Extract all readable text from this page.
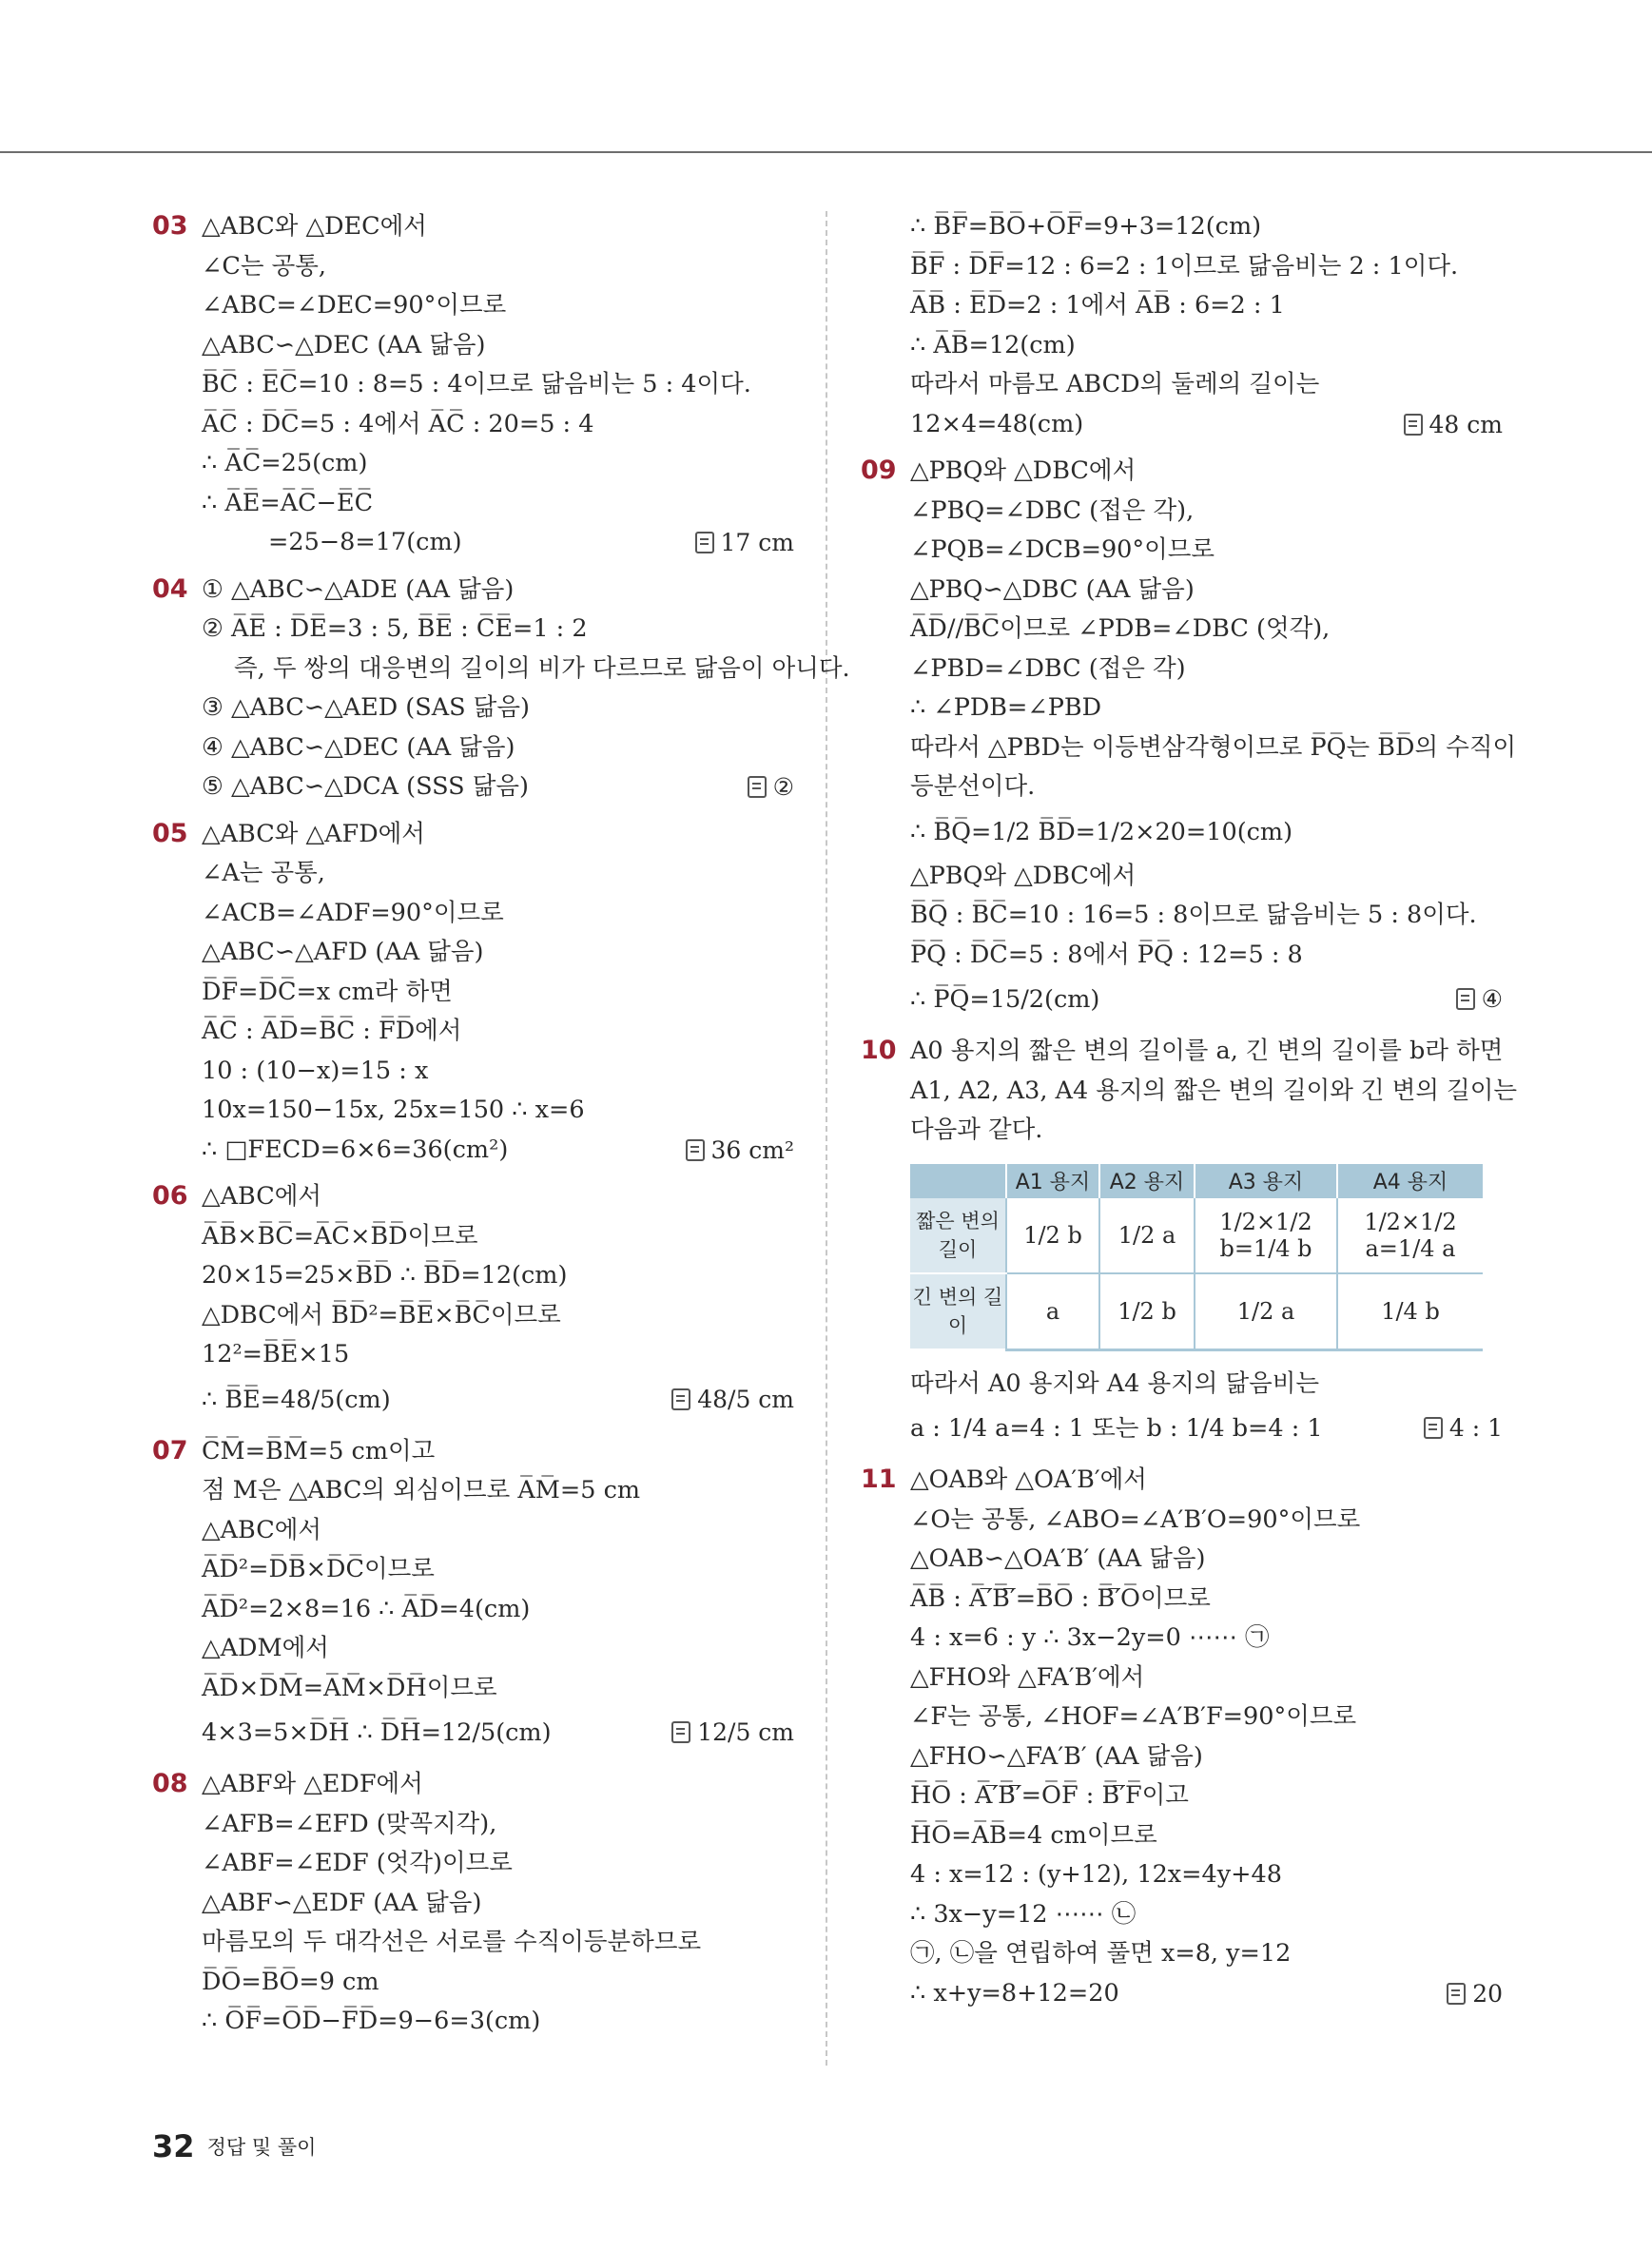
03 △ABC와 △DEC에서
∠C는 공통,
∠ABC=∠DEC=90°이므로
△ABC∽△DEC (AA 닮음)
B̅C̅ : E̅C̅=10 : 8=5 : 4이므로 닮음비는 5 : 4이다.
A̅C̅ : D̅C̅=5 : 4에서 A̅C̅ : 20=5 : 4
∴ A̅C̅=25(cm)
∴ A̅E̅=A̅C̅−E̅C̅
=25−8=17(cm)	17 cm
04 ① △ABC∽△ADE (AA 닮음)
② A̅E̅ : D̅E̅=3 : 5, B̅E̅ : C̅E̅=1 : 2
즉, 두 쌍의 대응변의 길이의 비가 다르므로 닮음이 아니다.
③ △ABC∽△AED (SAS 닮음)
④ △ABC∽△DEC (AA 닮음)
⑤ △ABC∽△DCA (SSS 닮음)	②
05 △ABC와 △AFD에서
∠A는 공통,
∠ACB=∠ADF=90°이므로
△ABC∽△AFD (AA 닮음)
D̅F̅=D̅C̅=x cm라 하면
A̅C̅ : A̅D̅=B̅C̅ : F̅D̅에서
10 : (10−x)=15 : x
10x=150−15x, 25x=150 ∴ x=6
∴ □FECD=6×6=36(cm²)	36 cm²
06 △ABC에서
A̅B̅×B̅C̅=A̅C̅×B̅D̅이므로
20×15=25×B̅D̅ ∴ B̅D̅=12(cm)
△DBC에서 B̅D̅²=B̅E̅×B̅C̅이므로
12²=B̅E̅×15
∴ B̅E̅=48/5(cm)	48/5 cm
07 C̅M̅=B̅M̅=5 cm이고
점 M은 △ABC의 외심이므로 A̅M̅=5 cm
△ABC에서
A̅D̅²=D̅B̅×D̅C̅이므로
A̅D̅²=2×8=16 ∴ A̅D̅=4(cm)
△ADM에서
A̅D̅×D̅M̅=A̅M̅×D̅H̅이므로
4×3=5×D̅H̅ ∴ D̅H̅=12/5(cm)	12/5 cm
08 △ABF와 △EDF에서
∠AFB=∠EFD (맞꼭지각),
∠ABF=∠EDF (엇각)이므로
△ABF∽△EDF (AA 닮음)
마름모의 두 대각선은 서로를 수직이등분하므로
D̅O̅=B̅O̅=9 cm
∴ O̅F̅=O̅D̅−F̅D̅=9−6=3(cm)
∴ B̅F̅=B̅O̅+O̅F̅=9+3=12(cm)
B̅F̅ : D̅F̅=12 : 6=2 : 1이므로 닮음비는 2 : 1이다.
A̅B̅ : E̅D̅=2 : 1에서 A̅B̅ : 6=2 : 1
∴ A̅B̅=12(cm)
따라서 마름모 ABCD의 둘레의 길이는
12×4=48(cm)	48 cm
09 △PBQ와 △DBC에서
∠PBQ=∠DBC (접은 각),
∠PQB=∠DCB=90°이므로
△PBQ∽△DBC (AA 닮음)
A̅D̅//B̅C̅이므로 ∠PDB=∠DBC (엇각),
∠PBD=∠DBC (접은 각)
∴ ∠PDB=∠PBD
따라서 △PBD는 이등변삼각형이므로 P̅Q̅는 B̅D̅의 수직이
등분선이다.
∴ B̅Q̅=1/2 B̅D̅=1/2×20=10(cm)
△PBQ와 △DBC에서
B̅Q̅ : B̅C̅=10 : 16=5 : 8이므로 닮음비는 5 : 8이다.
P̅Q̅ : D̅C̅=5 : 8에서 P̅Q̅ : 12=5 : 8
∴ P̅Q̅=15/2(cm)	④
10 A0 용지의 짧은 변의 길이를 a, 긴 변의 길이를 b라 하면
A1, A2, A3, A4 용지의 짧은 변의 길이와 긴 변의 길이는
다음과 같다.
	A1 용지	A2 용지	A3 용지	A4 용지
짧은 변의 길이	1/2 b	1/2 a	1/2×1/2 b=1/4 b	1/2×1/2 a=1/4 a
긴 변의 길이	a	1/2 b	1/2 a	1/4 b
따라서 A0 용지와 A4 용지의 닮음비는
a : 1/4 a=4 : 1 또는 b : 1/4 b=4 : 1	4 : 1
11 △OAB와 △OA′B′에서
∠O는 공통, ∠ABO=∠A′B′O=90°이므로
△OAB∽△OA′B′ (AA 닮음)
A̅B̅ : A̅′̅B̅′̅=B̅O̅ : B̅′̅O̅이므로
4 : x=6 : y ∴ 3x−2y=0 ⋯⋯ ㉠
△FHO와 △FA′B′에서
∠F는 공통, ∠HOF=∠A′B′F=90°이므로
△FHO∽△FA′B′ (AA 닮음)
H̅O̅ : A̅′̅B̅′̅=O̅F̅ : B̅′̅F̅이고
H̅O̅=A̅B̅=4 cm이므로
4 : x=12 : (y+12), 12x=4y+48
∴ 3x−y=12 ⋯⋯ ㉡
㉠, ㉡을 연립하여 풀면 x=8, y=12
∴ x+y=8+12=20	20
32 정답 및 풀이
